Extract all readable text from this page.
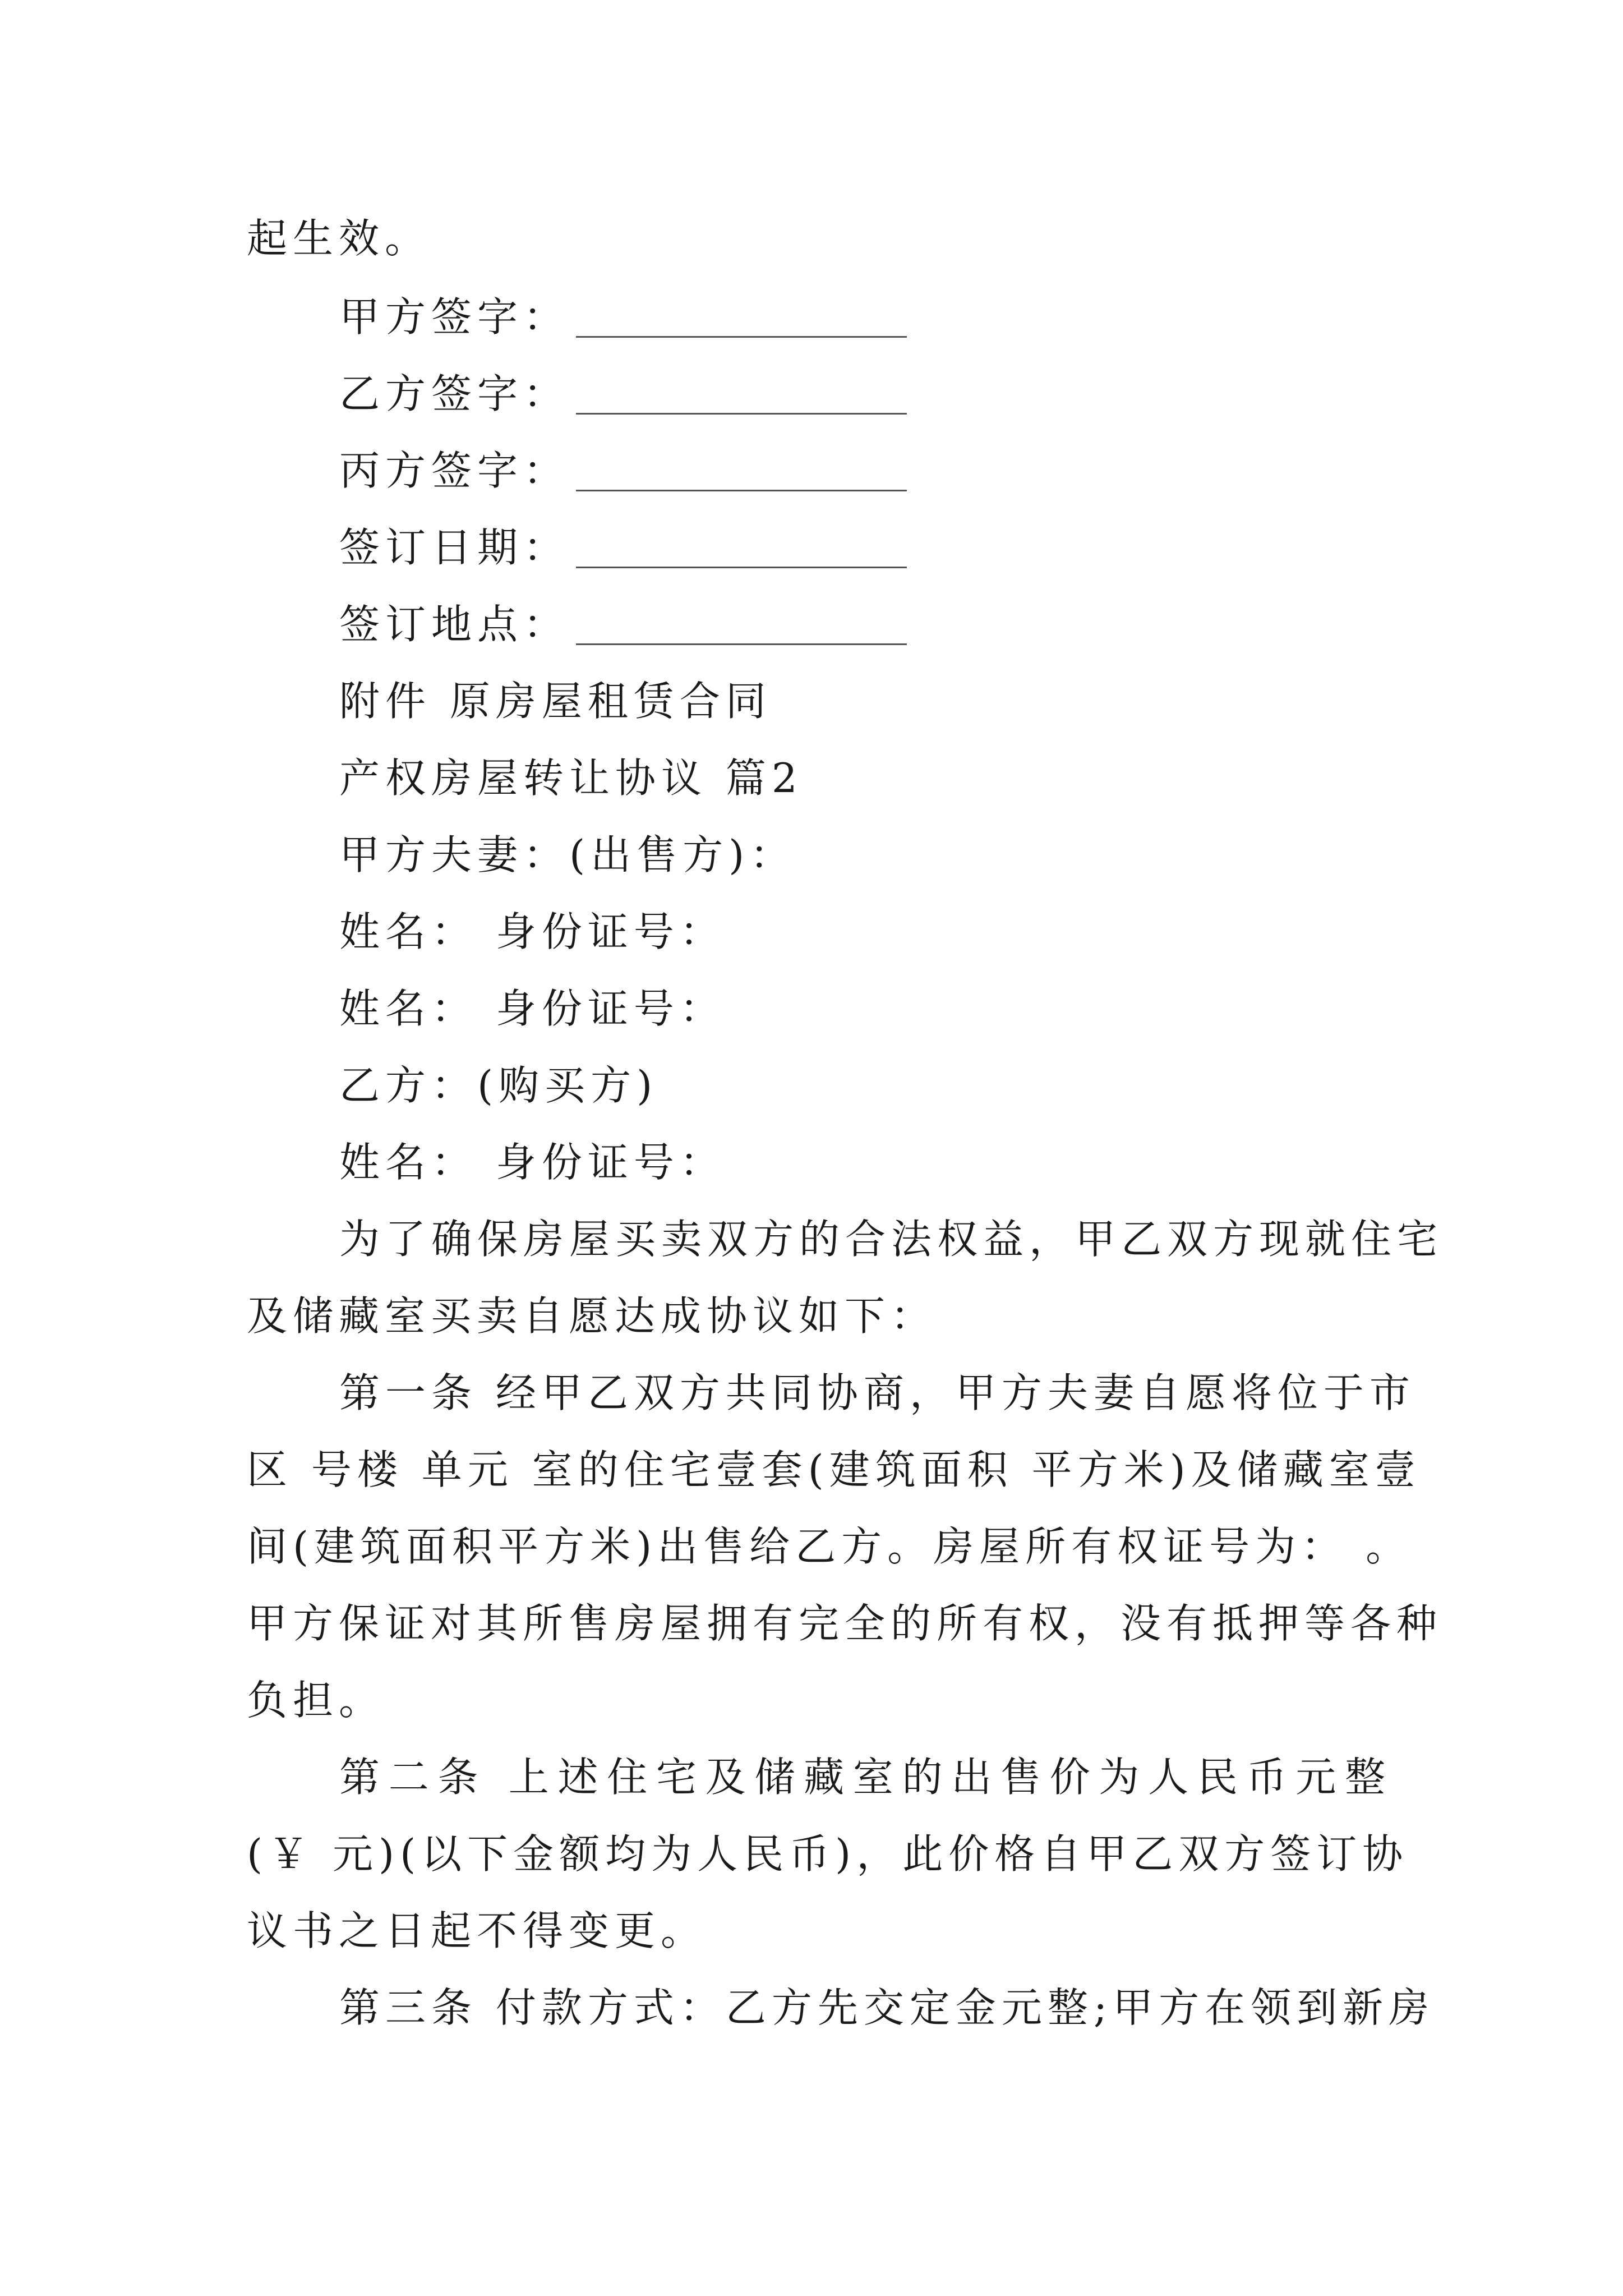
起生效。
甲方签字：
乙方签字：
丙方签字：
签订日期：
签订地点：
附件 原房屋租赁合同
产权房屋转让协议 篇2
甲方夫妻：(出售方)：
姓名： 身份证号：
姓名： 身份证号：
乙方：(购买方)
姓名： 身份证号：
为了确保房屋买卖双方的合法权益，甲乙双方现就住宅
及储藏室买卖自愿达成协议如下：
第一条 经甲乙双方共同协商，甲方夫妻自愿将位于市
区 号楼 单元 室的住宅壹套(建筑面积 平方米)及储藏室壹
间(建筑面积平方米)出售给乙方。房屋所有权证号为： 。
甲方保证对其所售房屋拥有完全的所有权，没有抵押等各种
负担。
第二条 上述住宅及储藏室的出售价为人民币元整
(￥ 元)(以下金额均为人民币)，此价格自甲乙双方签订协
议书之日起不得变更。
第三条 付款方式：乙方先交定金元整;甲方在领到新房
